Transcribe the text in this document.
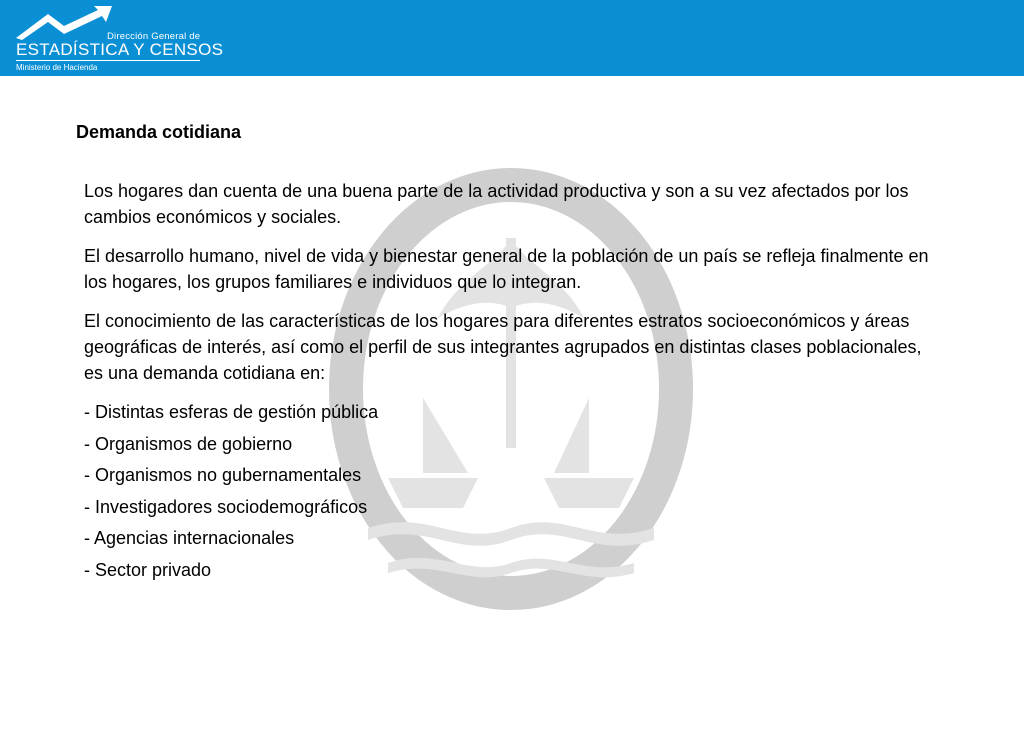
Dirección General de
ESTADÍSTICA Y CENSOS
Ministerio de Hacienda
Demanda cotidiana

Los hogares dan cuenta de una buena parte de la actividad productiva y son a su vez afectados por los cambios económicos y sociales.

El desarrollo humano, nivel de vida y bienestar general de la población de un país se refleja finalmente en los hogares, los grupos familiares e individuos que lo integran.

El conocimiento de las características de los hogares para diferentes estratos socioeconómicos y áreas geográficas de interés, así como el perfil de sus integrantes agrupados en distintas clases poblacionales, es una demanda cotidiana en:

- Distintas esferas de gestión pública
- Organismos de gobierno
- Organismos no gubernamentales
- Investigadores sociodemográficos
- Agencias internacionales
- Sector privado
